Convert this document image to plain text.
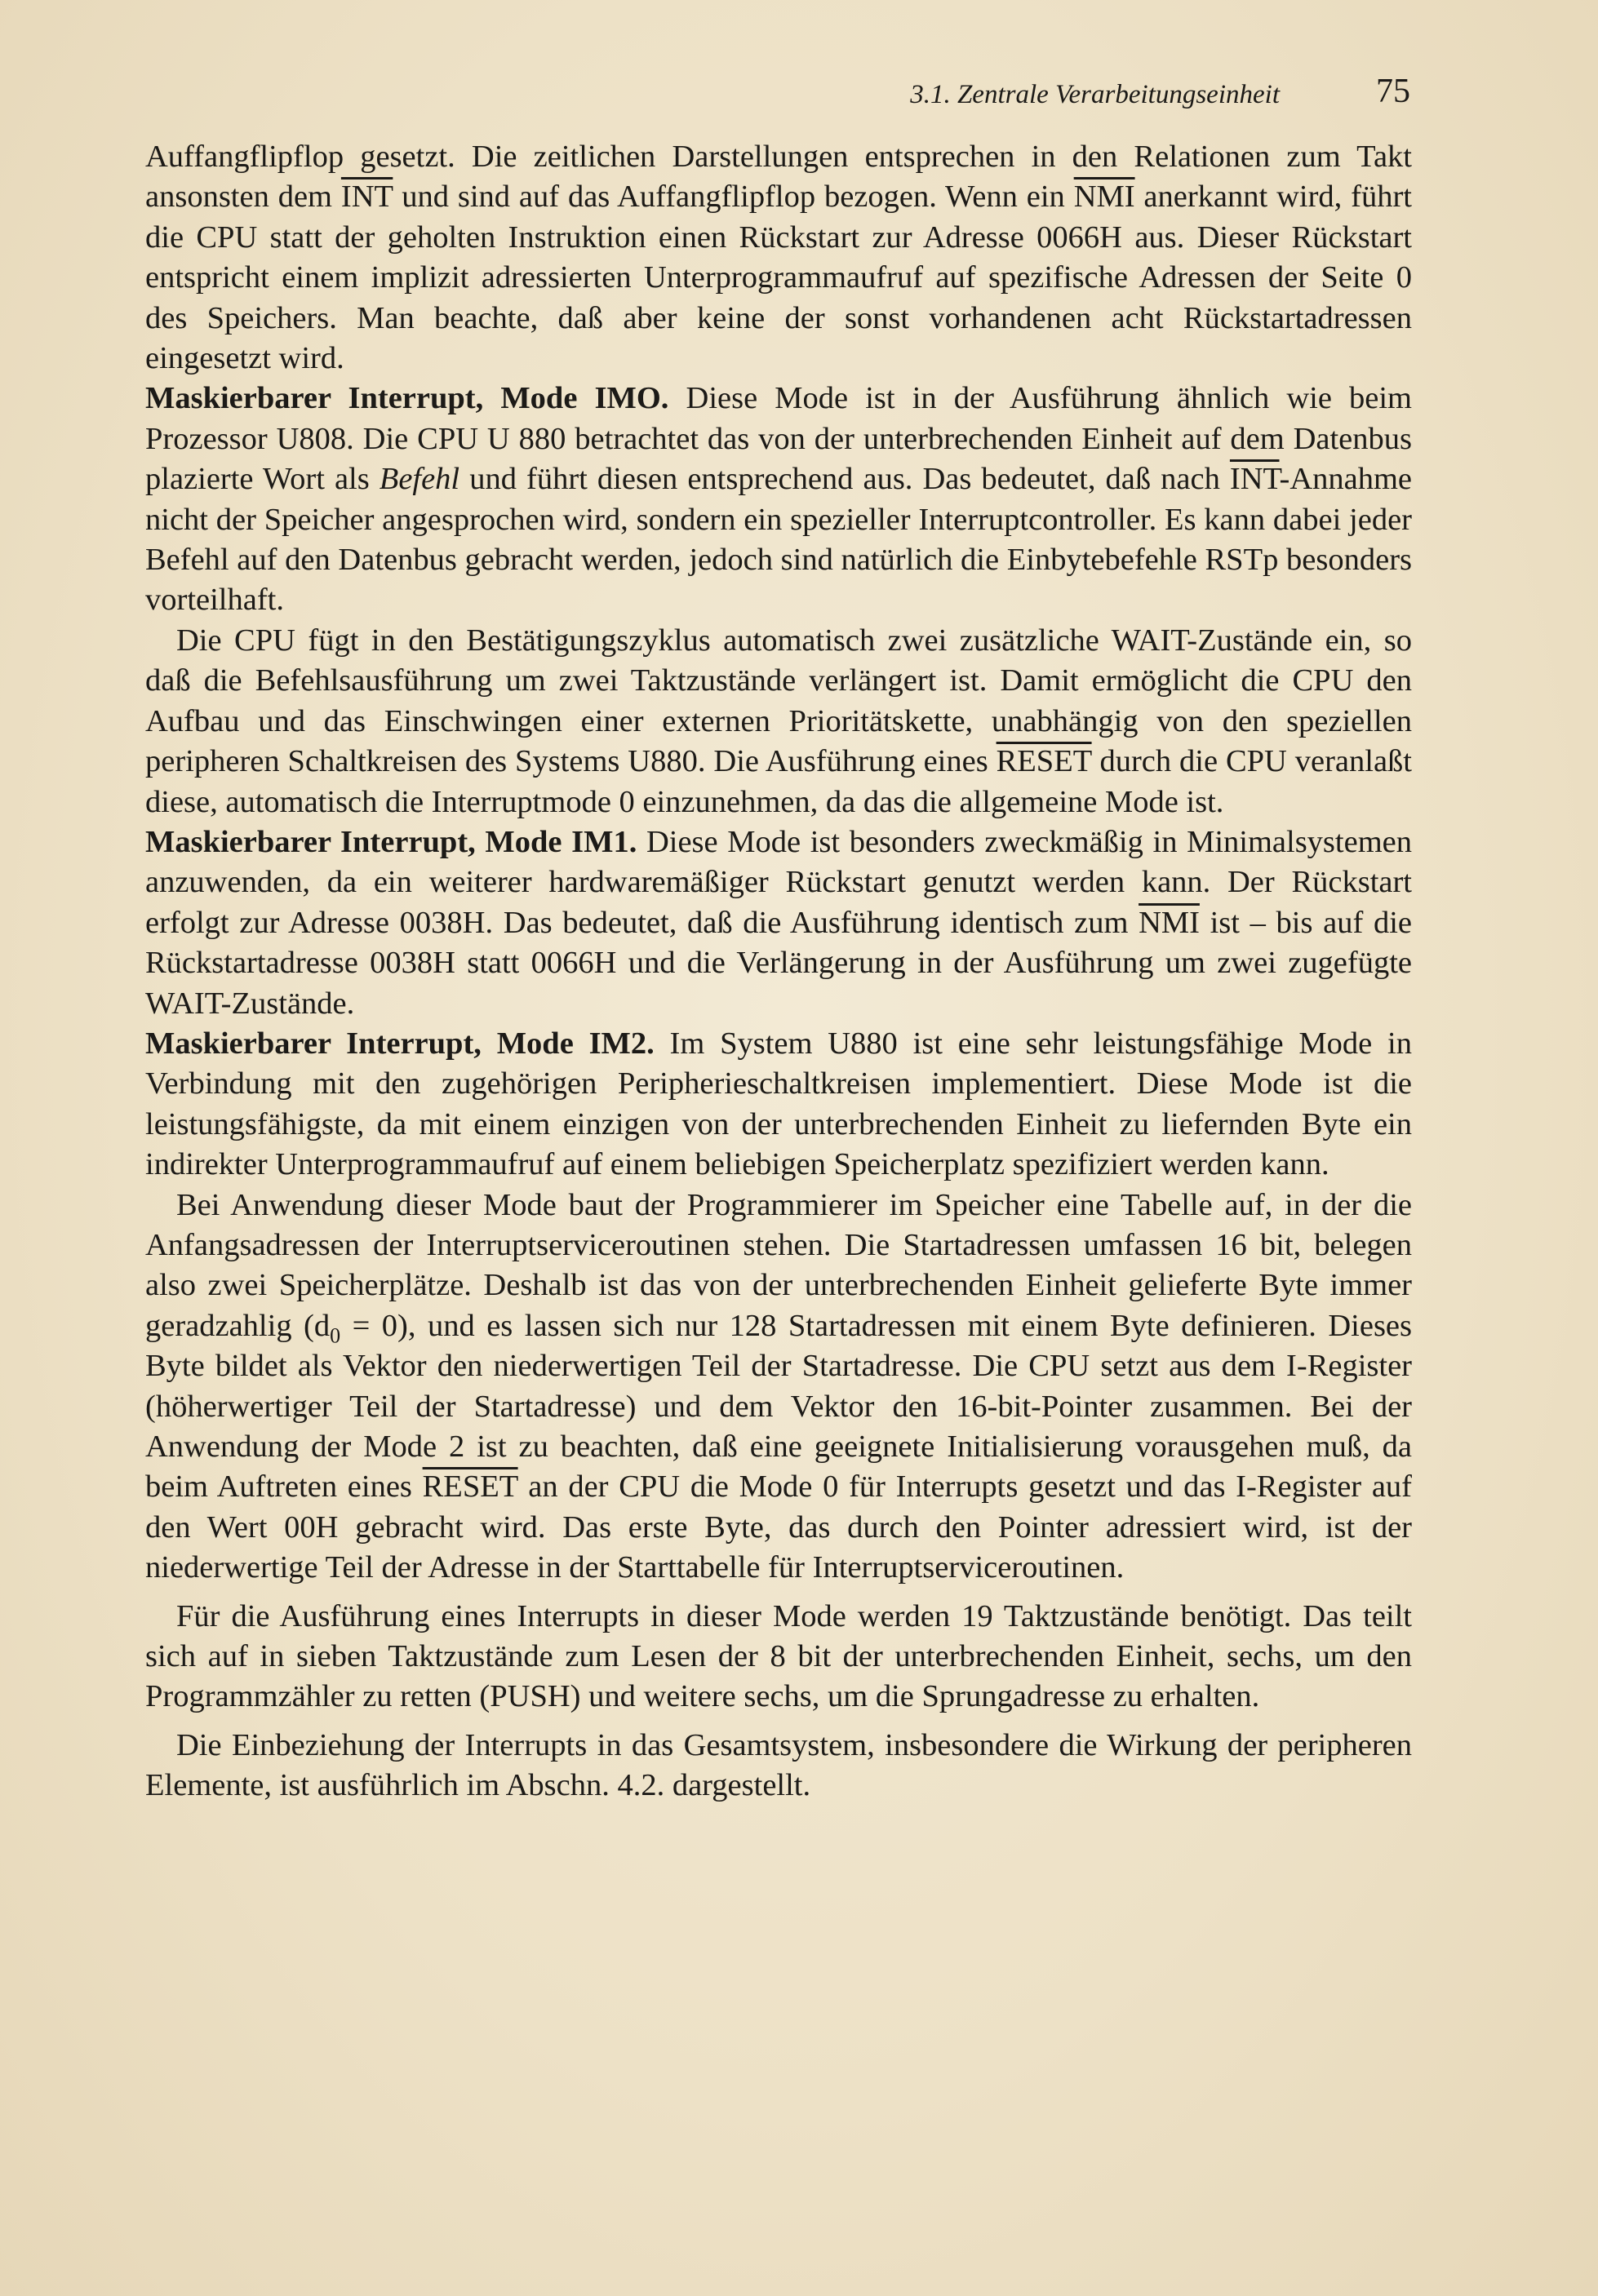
3.1. Zentrale Verarbeitungseinheit	75

Auffangflipflop gesetzt. Die zeitlichen Darstellungen entsprechen in den Relationen zum Takt ansonsten dem $\overline{INT}$ und sind auf das Auffangflipflop bezogen. Wenn ein $\overline{NMI}$ anerkannt wird, führt die CPU statt der geholten Instruktion einen Rückstart zur Adresse 0066H aus. Dieser Rückstart entspricht einem implizit adressierten Unterprogrammaufruf auf spezifische Adressen der Seite 0 des Speichers. Man beachte, daß aber keine der sonst vorhandenen acht Rückstartadressen eingesetzt wird.

Maskierbarer Interrupt, Mode IMO. Diese Mode ist in der Ausführung ähnlich wie beim Prozessor U808. Die CPU U 880 betrachtet das von der unterbrechenden Einheit auf dem Datenbus plazierte Wort als Befehl und führt diesen entsprechend aus. Das bedeutet, daß nach $\overline{INT}$-Annahme nicht der Speicher angesprochen wird, sondern ein spezieller Interruptcontroller. Es kann dabei jeder Befehl auf den Datenbus gebracht werden, jedoch sind natürlich die Einbytebefehle RSTp besonders vorteilhaft.

Die CPU fügt in den Bestätigungszyklus automatisch zwei zusätzliche WAIT-Zustände ein, so daß die Befehlsausführung um zwei Taktzustände verlängert ist. Damit ermöglicht die CPU den Aufbau und das Einschwingen einer externen Prioritätskette, unabhängig von den speziellen peripheren Schaltkreisen des Systems U880. Die Ausführung eines RESET durch die CPU veranlaßt diese, automatisch die Interruptmode 0 einzunehmen, da das die allgemeine Mode ist.

Maskierbarer Interrupt, Mode IM1. Diese Mode ist besonders zweckmäßig in Minimalsystemen anzuwenden, da ein weiterer hardwaremäßiger Rückstart genutzt werden kann. Der Rückstart erfolgt zur Adresse 0038H. Das bedeutet, daß die Ausführung identisch zum $\overline{NMI}$ ist – bis auf die Rückstartadresse 0038H statt 0066H und die Verlängerung in der Ausführung um zwei zugefügte WAIT-Zustände.

Maskierbarer Interrupt, Mode IM2. Im System U880 ist eine sehr leistungsfähige Mode in Verbindung mit den zugehörigen Peripherieschaltkreisen implementiert. Diese Mode ist die leistungsfähigste, da mit einem einzigen von der unterbrechenden Einheit zu liefernden Byte ein indirekter Unterprogrammaufruf auf einem beliebigen Speicherplatz spezifiziert werden kann.

Bei Anwendung dieser Mode baut der Programmierer im Speicher eine Tabelle auf, in der die Anfangsadressen der Interruptserviceroutinen stehen. Die Startadressen umfassen 16 bit, belegen also zwei Speicherplätze. Deshalb ist das von der unterbrechenden Einheit gelieferte Byte immer geradzahlig $(d_0 = 0)$, und es lassen sich nur 128 Startadressen mit einem Byte definieren. Dieses Byte bildet als Vektor den niederwertigen Teil der Startadresse. Die CPU setzt aus dem I-Register (höherwertiger Teil der Startadresse) und dem Vektor den 16-bit-Pointer zusammen. Bei der Anwendung der Mode 2 ist zu beachten, daß eine geeignete Initialisierung vorausgehen muß, da beim Auftreten eines RESET an der CPU die Mode 0 für Interrupts gesetzt und das I-Register auf den Wert 00H gebracht wird. Das erste Byte, das durch den Pointer adressiert wird, ist der niederwertige Teil der Adresse in der Starttabelle für Interruptserviceroutinen.

Für die Ausführung eines Interrupts in dieser Mode werden 19 Taktzustände benötigt. Das teilt sich auf in sieben Taktzustände zum Lesen der 8 bit der unterbrechenden Einheit, sechs, um den Programmzähler zu retten (PUSH) und weitere sechs, um die Sprungadresse zu erhalten.

Die Einbeziehung der Interrupts in das Gesamtsystem, insbesondere die Wirkung der peripheren Elemente, ist ausführlich im Abschn. 4.2. dargestellt.
